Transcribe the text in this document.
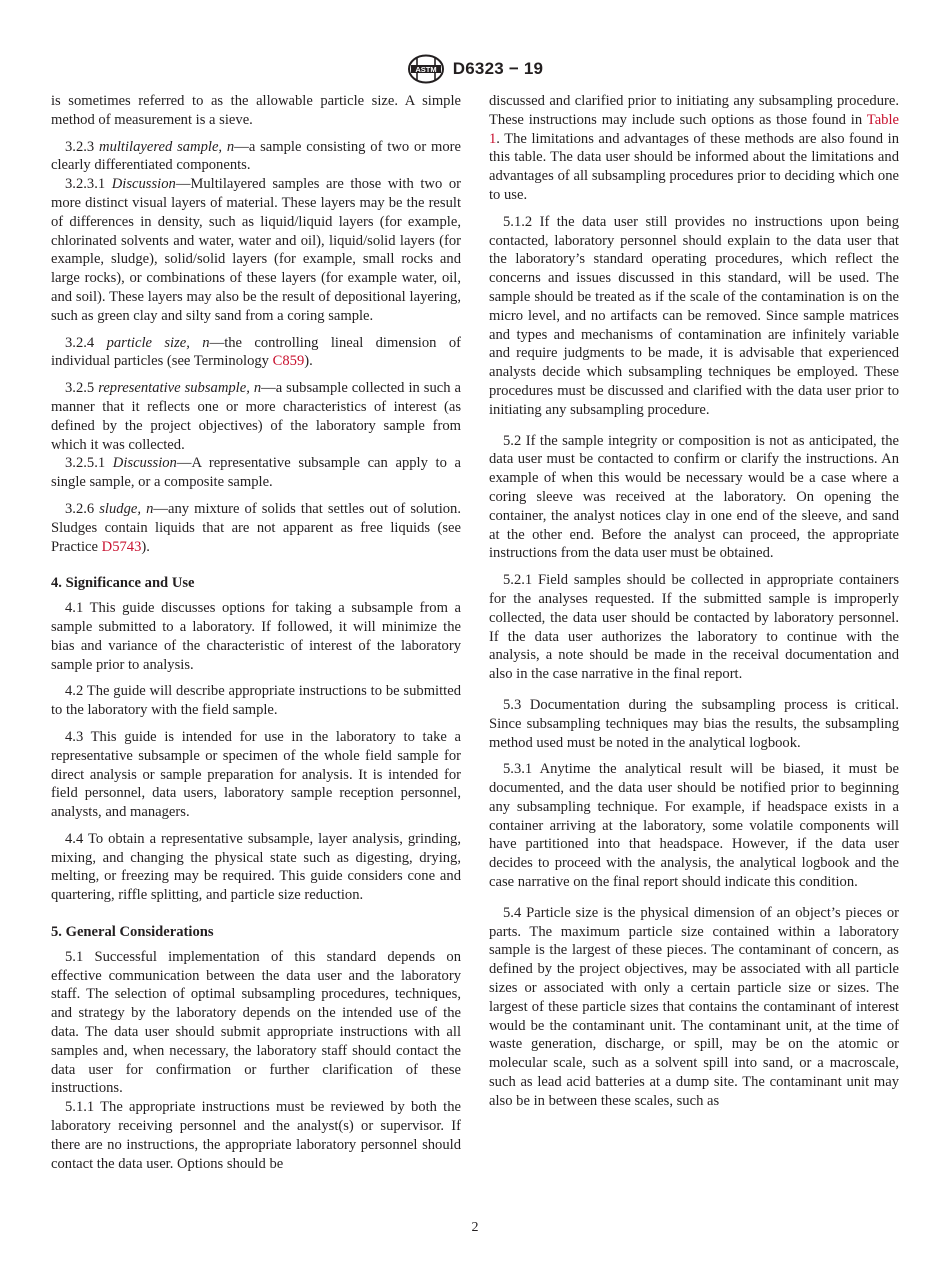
ASTM D6323 − 19

is sometimes referred to as the allowable particle size. A simple method of measurement is a sieve.

3.2.3 multilayered sample, n—a sample consisting of two or more clearly differentiated components.

3.2.3.1 Discussion—Multilayered samples are those with two or more distinct visual layers of material. These layers may be the result of differences in density, such as liquid/liquid layers (for example, chlorinated solvents and water, water and oil), liquid/solid layers (for example, sludge), solid/solid layers (for example, small rocks and large rocks), or combinations of these layers (for example water, oil, and soil). These layers may also be the result of depositional layering, such as green clay and silty sand from a coring sample.

3.2.4 particle size, n—the controlling lineal dimension of individual particles (see Terminology C859).

3.2.5 representative subsample, n—a subsample collected in such a manner that it reflects one or more characteristics of interest (as defined by the project objectives) of the laboratory sample from which it was collected.

3.2.5.1 Discussion—A representative subsample can apply to a single sample, or a composite sample.

3.2.6 sludge, n—any mixture of solids that settles out of solution. Sludges contain liquids that are not apparent as free liquids (see Practice D5743).

4. Significance and Use

4.1 This guide discusses options for taking a subsample from a sample submitted to a laboratory. If followed, it will minimize the bias and variance of the characteristic of interest of the laboratory sample prior to analysis.

4.2 The guide will describe appropriate instructions to be submitted to the laboratory with the field sample.

4.3 This guide is intended for use in the laboratory to take a representative subsample or specimen of the whole field sample for direct analysis or sample preparation for analysis. It is intended for field personnel, data users, laboratory sample reception personnel, analysts, and managers.

4.4 To obtain a representative subsample, layer analysis, grinding, mixing, and changing the physical state such as digesting, drying, melting, or freezing may be required. This guide considers cone and quartering, riffle splitting, and particle size reduction.

5. General Considerations

5.1 Successful implementation of this standard depends on effective communication between the data user and the laboratory staff. The selection of optimal subsampling procedures, techniques, and strategy by the laboratory depends on the intended use of the data. The data user should submit appropriate instructions with all samples and, when necessary, the laboratory staff should contact the data user for confirmation or further clarification of these instructions.

5.1.1 The appropriate instructions must be reviewed by both the laboratory receiving personnel and the analyst(s) or supervisor. If there are no instructions, the appropriate laboratory personnel should contact the data user. Options should be

discussed and clarified prior to initiating any subsampling procedure. These instructions may include such options as those found in Table 1. The limitations and advantages of these methods are also found in this table. The data user should be informed about the limitations and advantages of all subsampling procedures prior to deciding which one to use.

5.1.2 If the data user still provides no instructions upon being contacted, laboratory personnel should explain to the data user that the laboratory’s standard operating procedures, which reflect the concerns and issues discussed in this standard, will be used. The sample should be treated as if the scale of the contamination is on the micro level, and no artifacts can be removed. Since sample matrices and types and mechanisms of contamination are infinitely variable and require judgments to be made, it is advisable that experienced analysts decide which subsampling techniques be employed. These procedures must be discussed and clarified with the data user prior to initiating any subsampling procedure.

5.2 If the sample integrity or composition is not as anticipated, the data user must be contacted to confirm or clarify the instructions. An example of when this would be necessary would be a case where a coring sleeve was received at the laboratory. On opening the container, the analyst notices clay in one end of the sleeve, and sand at the other end. Before the analyst can proceed, the appropriate instructions from the data user must be obtained.

5.2.1 Field samples should be collected in appropriate containers for the analyses requested. If the submitted sample is improperly collected, the data user should be contacted by laboratory personnel. If the data user authorizes the laboratory to continue with the analysis, a note should be made in the receival documentation and also in the case narrative in the final report.

5.3 Documentation during the subsampling process is critical. Since subsampling techniques may bias the results, the subsampling method used must be noted in the analytical logbook.

5.3.1 Anytime the analytical result will be biased, it must be documented, and the data user should be notified prior to beginning any subsampling technique. For example, if headspace exists in a container arriving at the laboratory, some volatile components will have partitioned into that headspace. However, if the data user decides to proceed with the analysis, the analytical logbook and the case narrative on the final report should indicate this condition.

5.4 Particle size is the physical dimension of an object’s pieces or parts. The maximum particle size contained within a laboratory sample is the largest of these pieces. The contaminant of concern, as defined by the project objectives, may be associated with all particle sizes or associated with only a certain particle size or sizes. The largest of these particle sizes that contains the contaminant of interest would be the contaminant unit. The contaminant unit, at the time of waste generation, discharge, or spill, may be on the atomic or molecular scale, such as a solvent spill into sand, or a macroscale, such as lead acid batteries at a dump site. The contaminant unit may also be in between these scales, such as

2
